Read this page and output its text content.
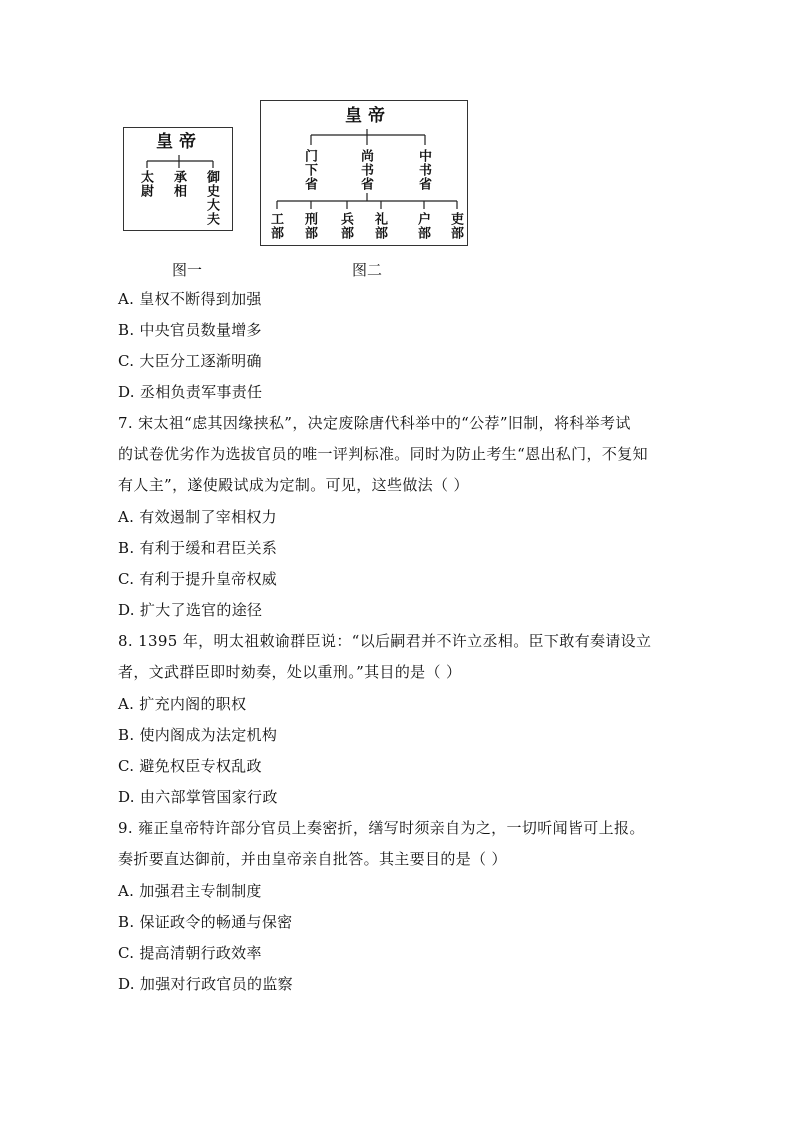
皇帝
太尉 承相 御史大夫
皇帝
门下省	尚书省	中书省
工部 刑部 兵部 礼部 户部 吏部
图一	图二
A. 皇权不断得到加强
B. 中央官员数量增多
C. 大臣分工逐渐明确
D. 丞相负责军事责任
7. 宋太祖“虑其因缘挟私”，决定废除唐代科举中的“公荐”旧制，将科举考试
的试卷优劣作为选拔官员的唯一评判标准。同时为防止考生“恩出私门，不复知
有人主”，遂使殿试成为定制。可见，这些做法（ ）
A. 有效遏制了宰相权力
B. 有利于缓和君臣关系
C. 有利于提升皇帝权威
D. 扩大了选官的途径
8. 1395 年，明太祖敕谕群臣说：“以后嗣君并不许立丞相。臣下敢有奏请设立
者，文武群臣即时劾奏，处以重刑。”其目的是（ ）
A. 扩充内阁的职权
B. 使内阁成为法定机构
C. 避免权臣专权乱政
D. 由六部掌管国家行政
9. 雍正皇帝特许部分官员上奏密折，缮写时须亲自为之，一切听闻皆可上报。
奏折要直达御前，并由皇帝亲自批答。其主要目的是（ ）
A. 加强君主专制制度
B. 保证政令的畅通与保密
C. 提高清朝行政效率
D. 加强对行政官员的监察
